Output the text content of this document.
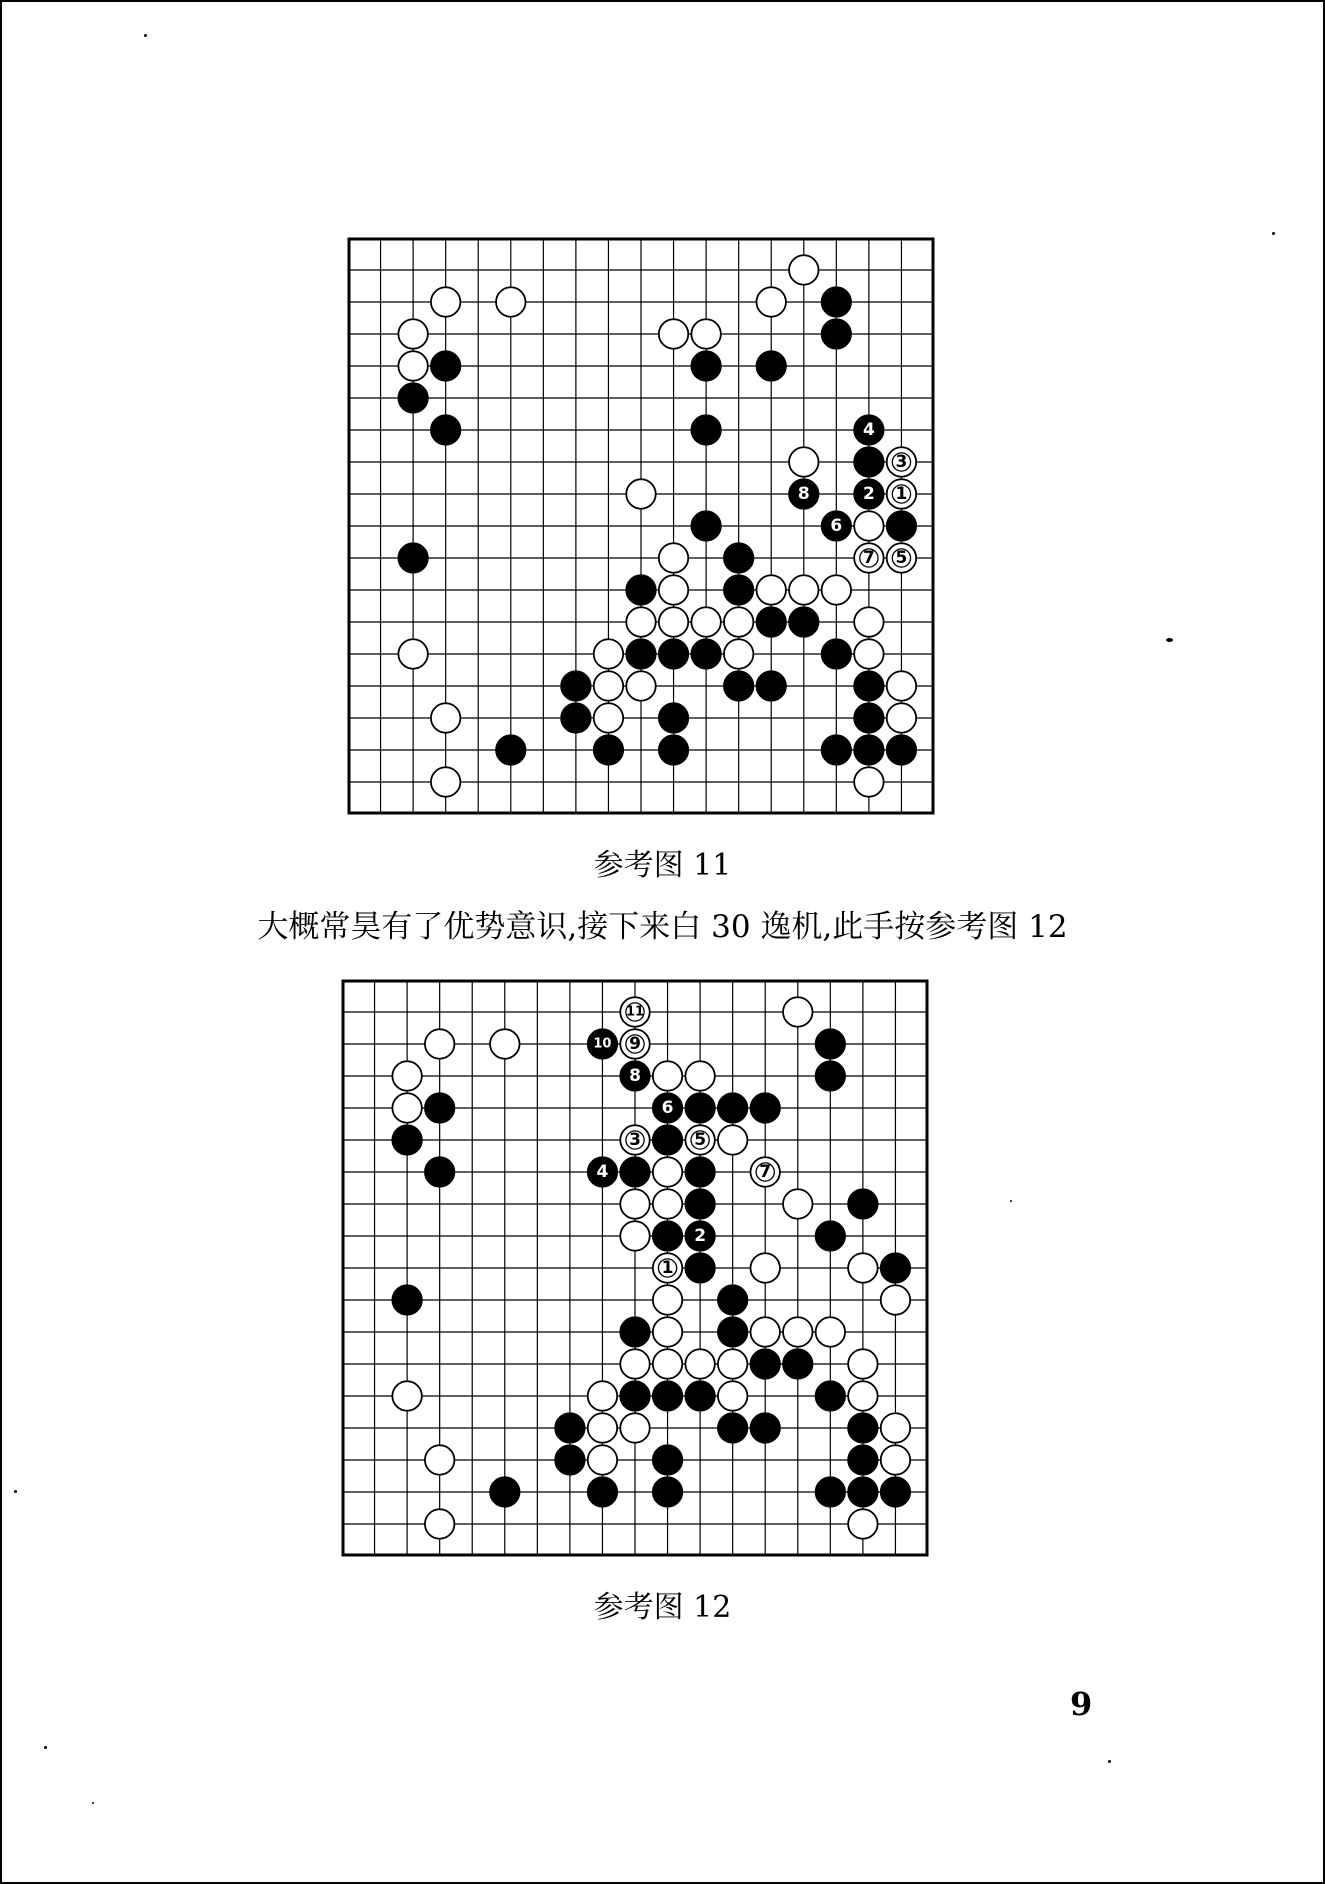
4
3
8	2 1
6
7 5
参考图 11
大概常昊有了优势意识,接下来白 30 逸机,此手按参考图 12
11
10 9
8
6
3	5
4	7
2
1
参考图 12
9
